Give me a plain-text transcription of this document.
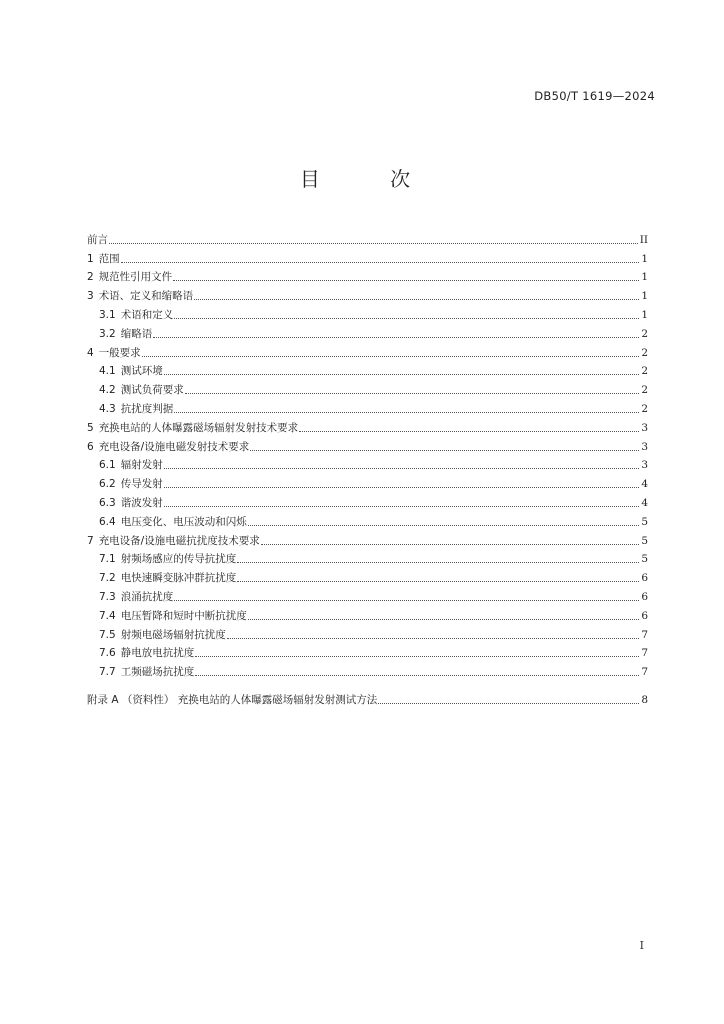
DB50/T 1619—2024
目 次
前言	II
1 范围	1
2 规范性引用文件	1
3 术语、定义和缩略语	1
3.1 术语和定义	1
3.2 缩略语	2
4 一般要求	2
4.1 测试环境	2
4.2 测试负荷要求	2
4.3 抗扰度判据	2
5 充换电站的人体曝露磁场辐射发射技术要求	3
6 充电设备/设施电磁发射技术要求	3
6.1 辐射发射	3
6.2 传导发射	4
6.3 谐波发射	4
6.4 电压变化、电压波动和闪烁	5
7 充电设备/设施电磁抗扰度技术要求	5
7.1 射频场感应的传导抗扰度	5
7.2 电快速瞬变脉冲群抗扰度	6
7.3 浪涌抗扰度	6
7.4 电压暂降和短时中断抗扰度	6
7.5 射频电磁场辐射抗扰度	7
7.6 静电放电抗扰度	7
7.7 工频磁场抗扰度	7
附录 A （资料性） 充换电站的人体曝露磁场辐射发射测试方法	8
I
